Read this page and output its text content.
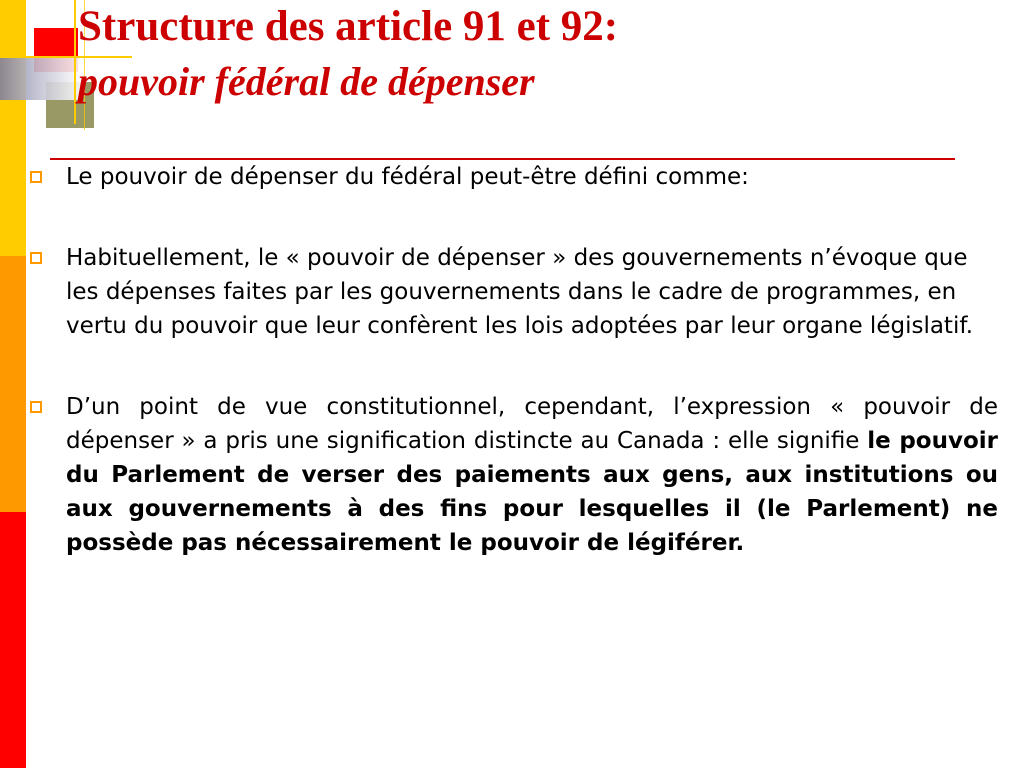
Structure des article 91 et 92:
pouvoir fédéral de dépenser

Le pouvoir de dépenser du fédéral peut-être défini comme:

Habituellement, le « pouvoir de dépenser » des gouvernements n’évoque que les dépenses faites par les gouvernements dans le cadre de programmes, en vertu du pouvoir que leur confèrent les lois adoptées par leur organe législatif.

D’un point de vue constitutionnel, cependant, l’expression « pouvoir de dépenser » a pris une signification distincte au Canada : elle signifie le pouvoir du Parlement de verser des paiements aux gens, aux institutions ou aux gouvernements à des fins pour lesquelles il (le Parlement) ne possède pas nécessairement le pouvoir de légiférer.
